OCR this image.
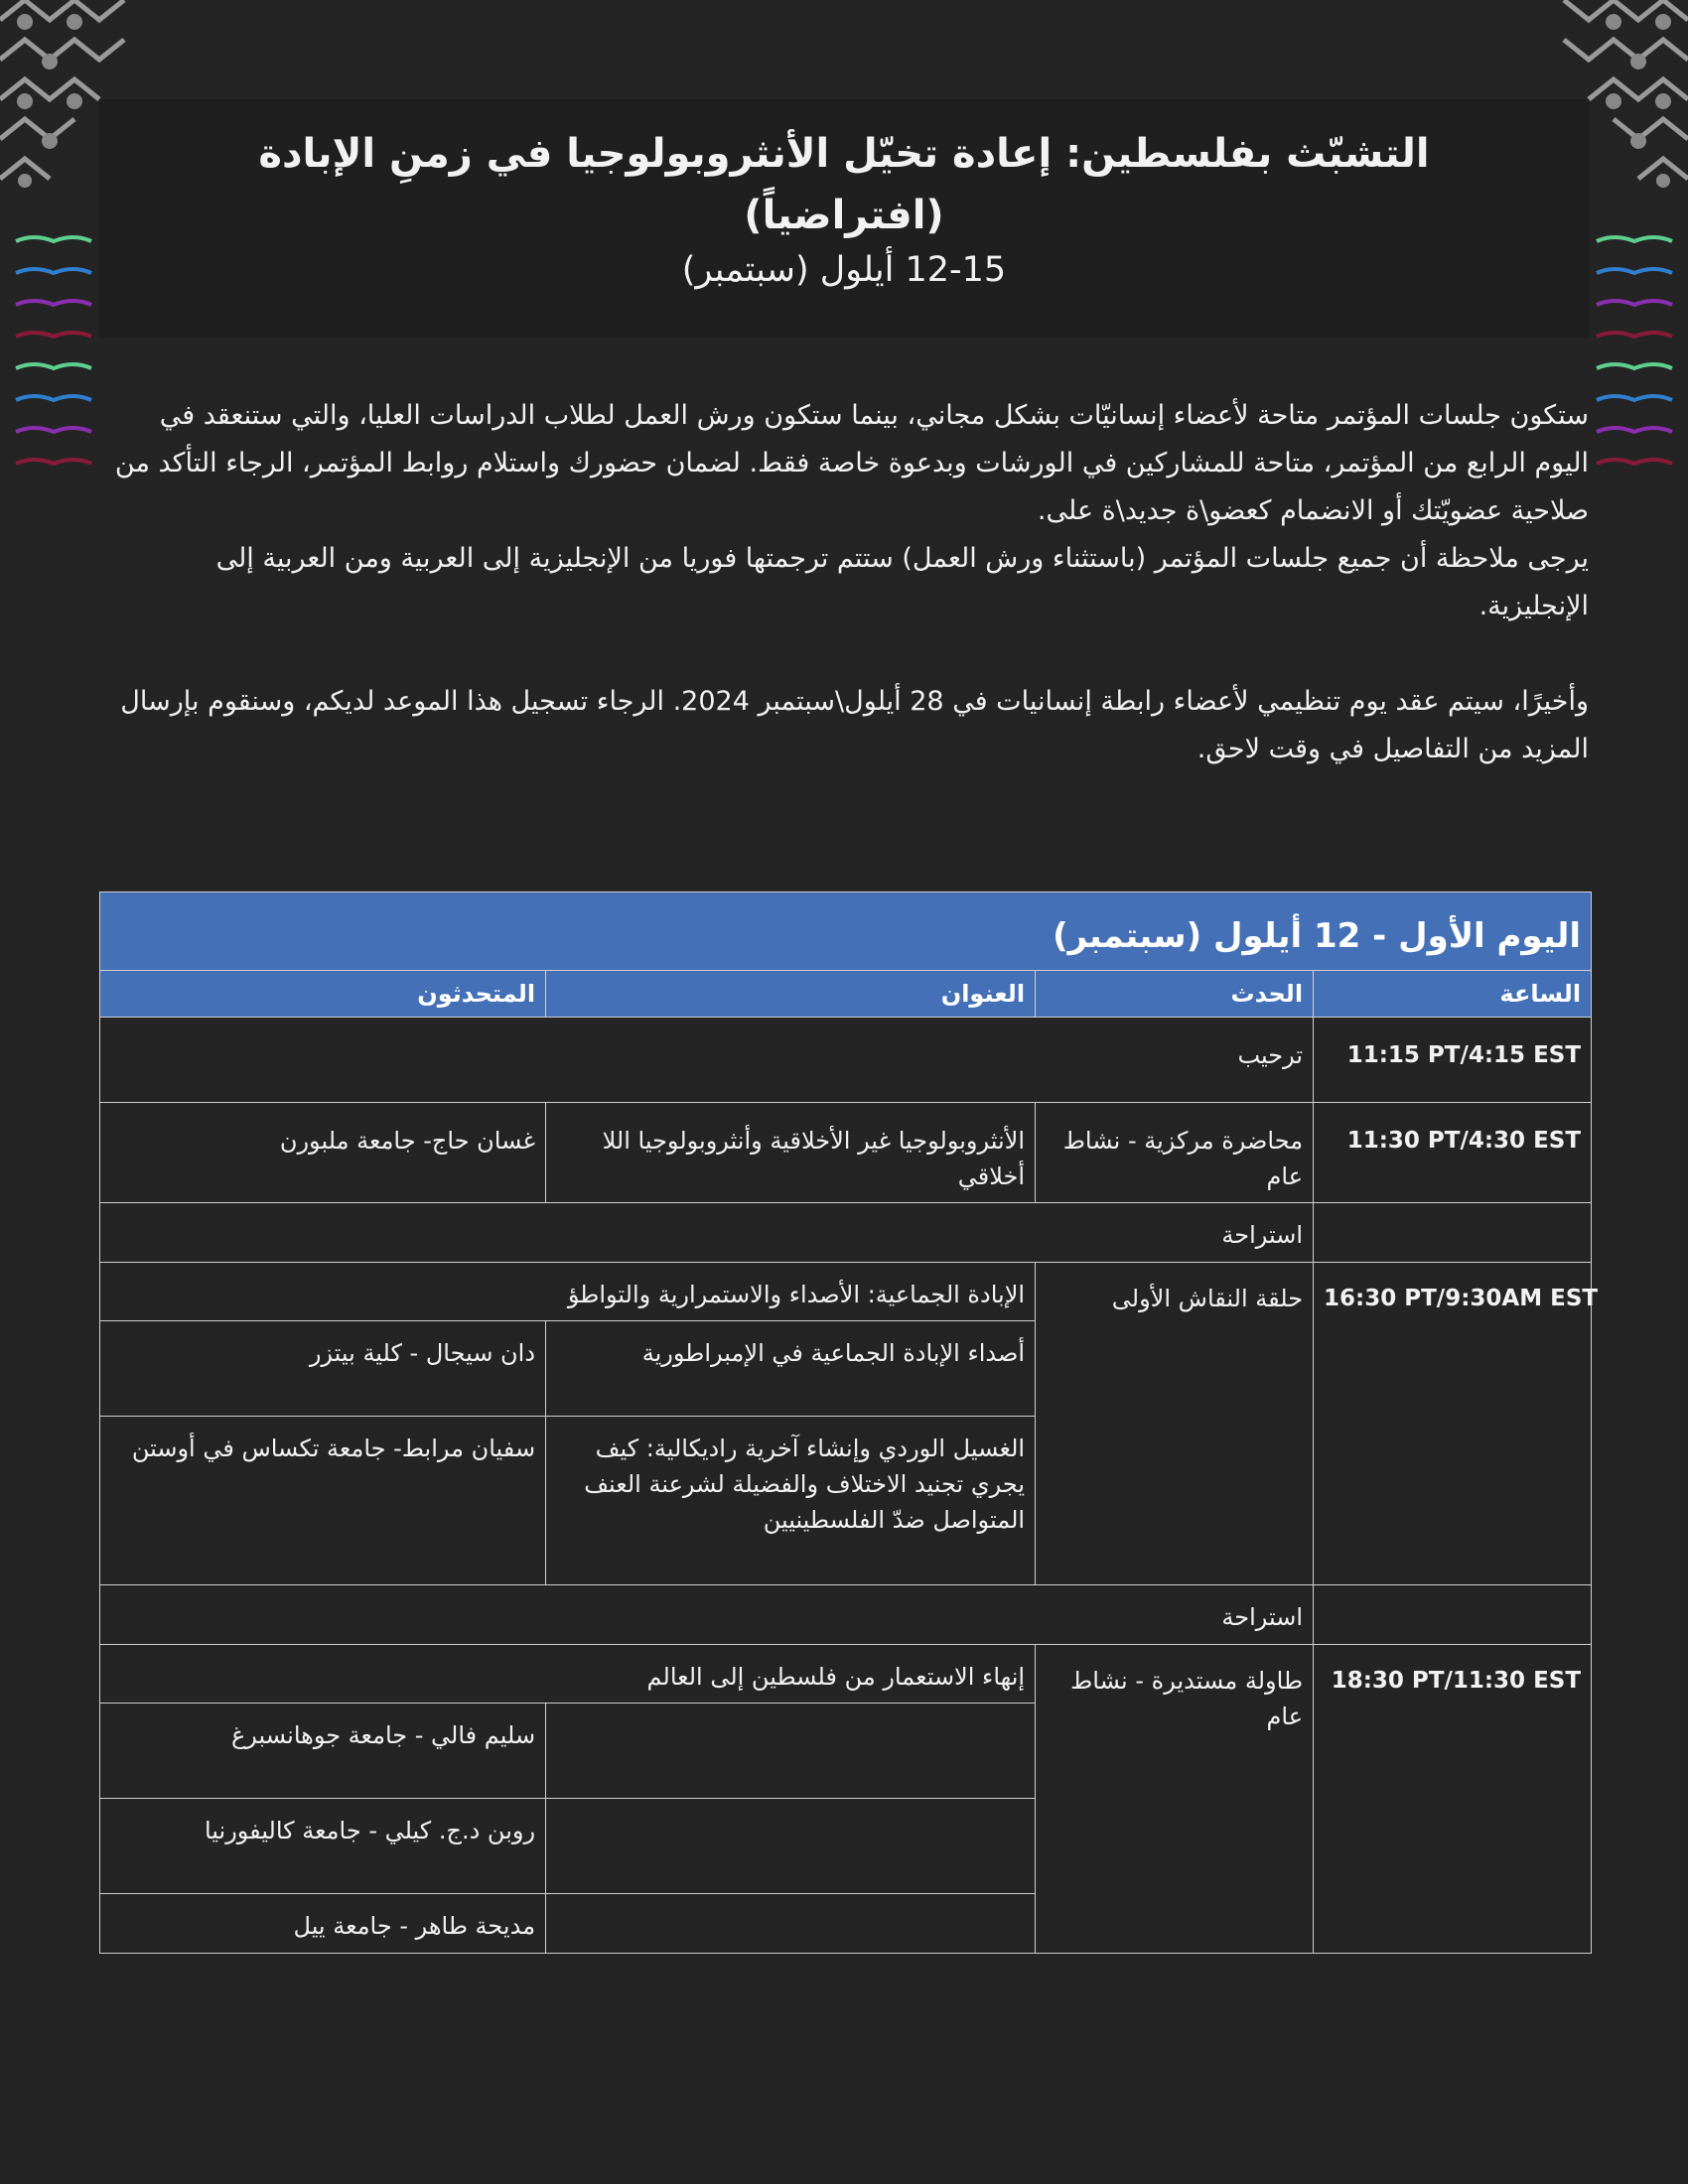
التشبّث بفلسطين: إعادة تخيّل الأنثروبولوجيا في زمنِ الإبادة (افتراضياً)
12-15 أيلول (سبتمبر)

ستكون جلسات المؤتمر متاحة لأعضاء إنسانيّات بشكل مجاني، بينما ستكون ورش العمل لطلاب الدراسات العليا، والتي ستنعقد في اليوم الرابع من المؤتمر، متاحة للمشاركين في الورشات وبدعوة خاصة فقط. لضمان حضورك واستلام روابط المؤتمر، الرجاء التأكد من صلاحية عضويّتك أو الانضمام كعضو\ة جديد\ة على.

يرجى ملاحظة أن جميع جلسات المؤتمر (باستثناء ورش العمل) ستتم ترجمتها فوريا من الإنجليزية إلى العربية ومن العربية إلى الإنجليزية.

وأخيرًا، سيتم عقد يوم تنظيمي لأعضاء رابطة إنسانيات في 28 أيلول\سبتمبر 2024. الرجاء تسجيل هذا الموعد لديكم، وسنقوم بإرسال المزيد من التفاصيل في وقت لاحق.

اليوم الأول - 12 أيلول (سبتمبر)			
الساعة	الحدث	العنوان	المتحدثون
11:15 PT/4:15 EST	ترحيب		
11:30 PT/4:30 EST	محاضرة مركزية - نشاط عام	الأنثروبولوجيا غير الأخلاقية وأنثروبولوجيا اللا أخلاقي	غسان حاج- جامعة ملبورن
	استراحة		
16:30 PT/9:30AM EST	حلقة النقاش الأولى	الإبادة الجماعية: الأصداء والاستمرارية والتواطؤ	
		أصداء الإبادة الجماعية في الإمبراطورية	دان سيجال - كلية بيتزر
		الغسيل الوردي وإنشاء آخرية راديكالية: كيف يجري تجنيد الاختلاف والفضيلة لشرعنة العنف المتواصل ضدّ الفلسطينيين	سفيان مرابط- جامعة تكساس في أوستن
	استراحة		
18:30 PT/11:30 EST	طاولة مستديرة - نشاط عام	إنهاء الاستعمار من فلسطين إلى العالم	
			سليم فالي - جامعة جوهانسبرغ
			روبن د.ج. كيلي - جامعة كاليفورنيا
			مديحة طاهر - جامعة ييل
